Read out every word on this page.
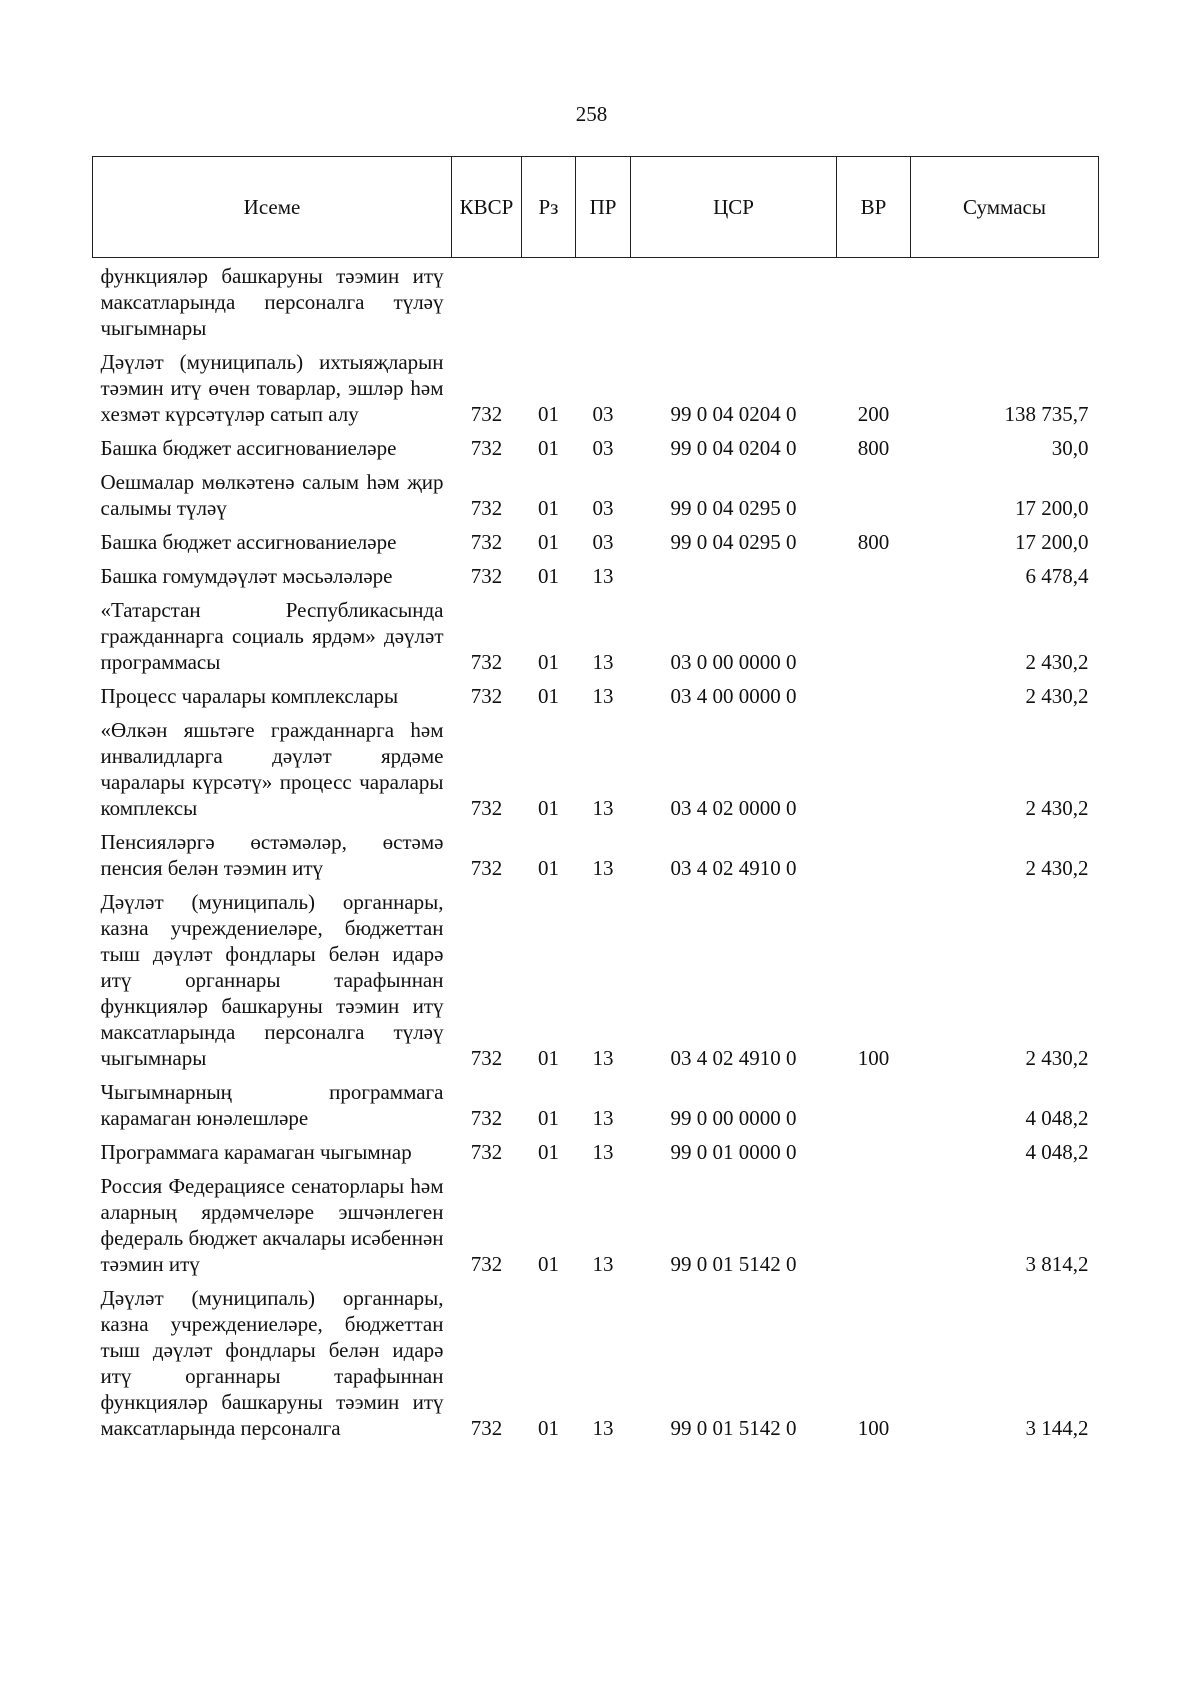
258
Исеме	КВСР	Рз	ПР	ЦСР	ВР	Суммасы
функцияләр башкаруны тәэмин итү максатларында персоналга түләү чыгымнары						
Дәүләт (муниципаль) ихтыяҗларын тәэмин итү өчен товарлар, эшләр һәм хезмәт күрсәтүләр сатып алу	732	01	03	99 0 04 0204 0	200	138 735,7
Башка бюджет ассигнованиеләре	732	01	03	99 0 04 0204 0	800	30,0
Оешмалар мөлкәтенә салым һәм җир салымы түләү	732	01	03	99 0 04 0295 0		17 200,0
Башка бюджет ассигнованиеләре	732	01	03	99 0 04 0295 0	800	17 200,0
Башка гомумдәүләт мәсьәләләре	732	01	13			6 478,4
«Татарстан Республикасында гражданнарга социаль ярдәм» дәүләт программасы	732	01	13	03 0 00 0000 0		2 430,2
Процесс чаралары комплекслары	732	01	13	03 4 00 0000 0		2 430,2
«Өлкән яшьтәге гражданнарга һәм инвалидларга дәүләт ярдәме чаралары күрсәтү» процесс чаралары комплексы	732	01	13	03 4 02 0000 0		2 430,2
Пенсияләргә өстәмәләр, өстәмә пенсия белән тәэмин итү	732	01	13	03 4 02 4910 0		2 430,2
Дәүләт (муниципаль) органнары, казна учреждениеләре, бюджеттан тыш дәүләт фондлары белән идарә итү органнары тарафыннан функцияләр башкаруны тәэмин итү максатларында персоналга түләү чыгымнары	732	01	13	03 4 02 4910 0	100	2 430,2
Чыгымнарның программага карамаган юнәлешләре	732	01	13	99 0 00 0000 0		4 048,2
Программага карамаган чыгымнар	732	01	13	99 0 01 0000 0		4 048,2
Россия Федерациясе сенаторлары һәм аларның ярдәмчеләре эшчәнлеген федераль бюджет акчалары исәбеннән тәэмин итү	732	01	13	99 0 01 5142 0		3 814,2
Дәүләт (муниципаль) органнары, казна учреждениеләре, бюджеттан тыш дәүләт фондлары белән идарә итү органнары тарафыннан функцияләр башкаруны тәэмин итү максатларында персоналга	732	01	13	99 0 01 5142 0	100	3 144,2
